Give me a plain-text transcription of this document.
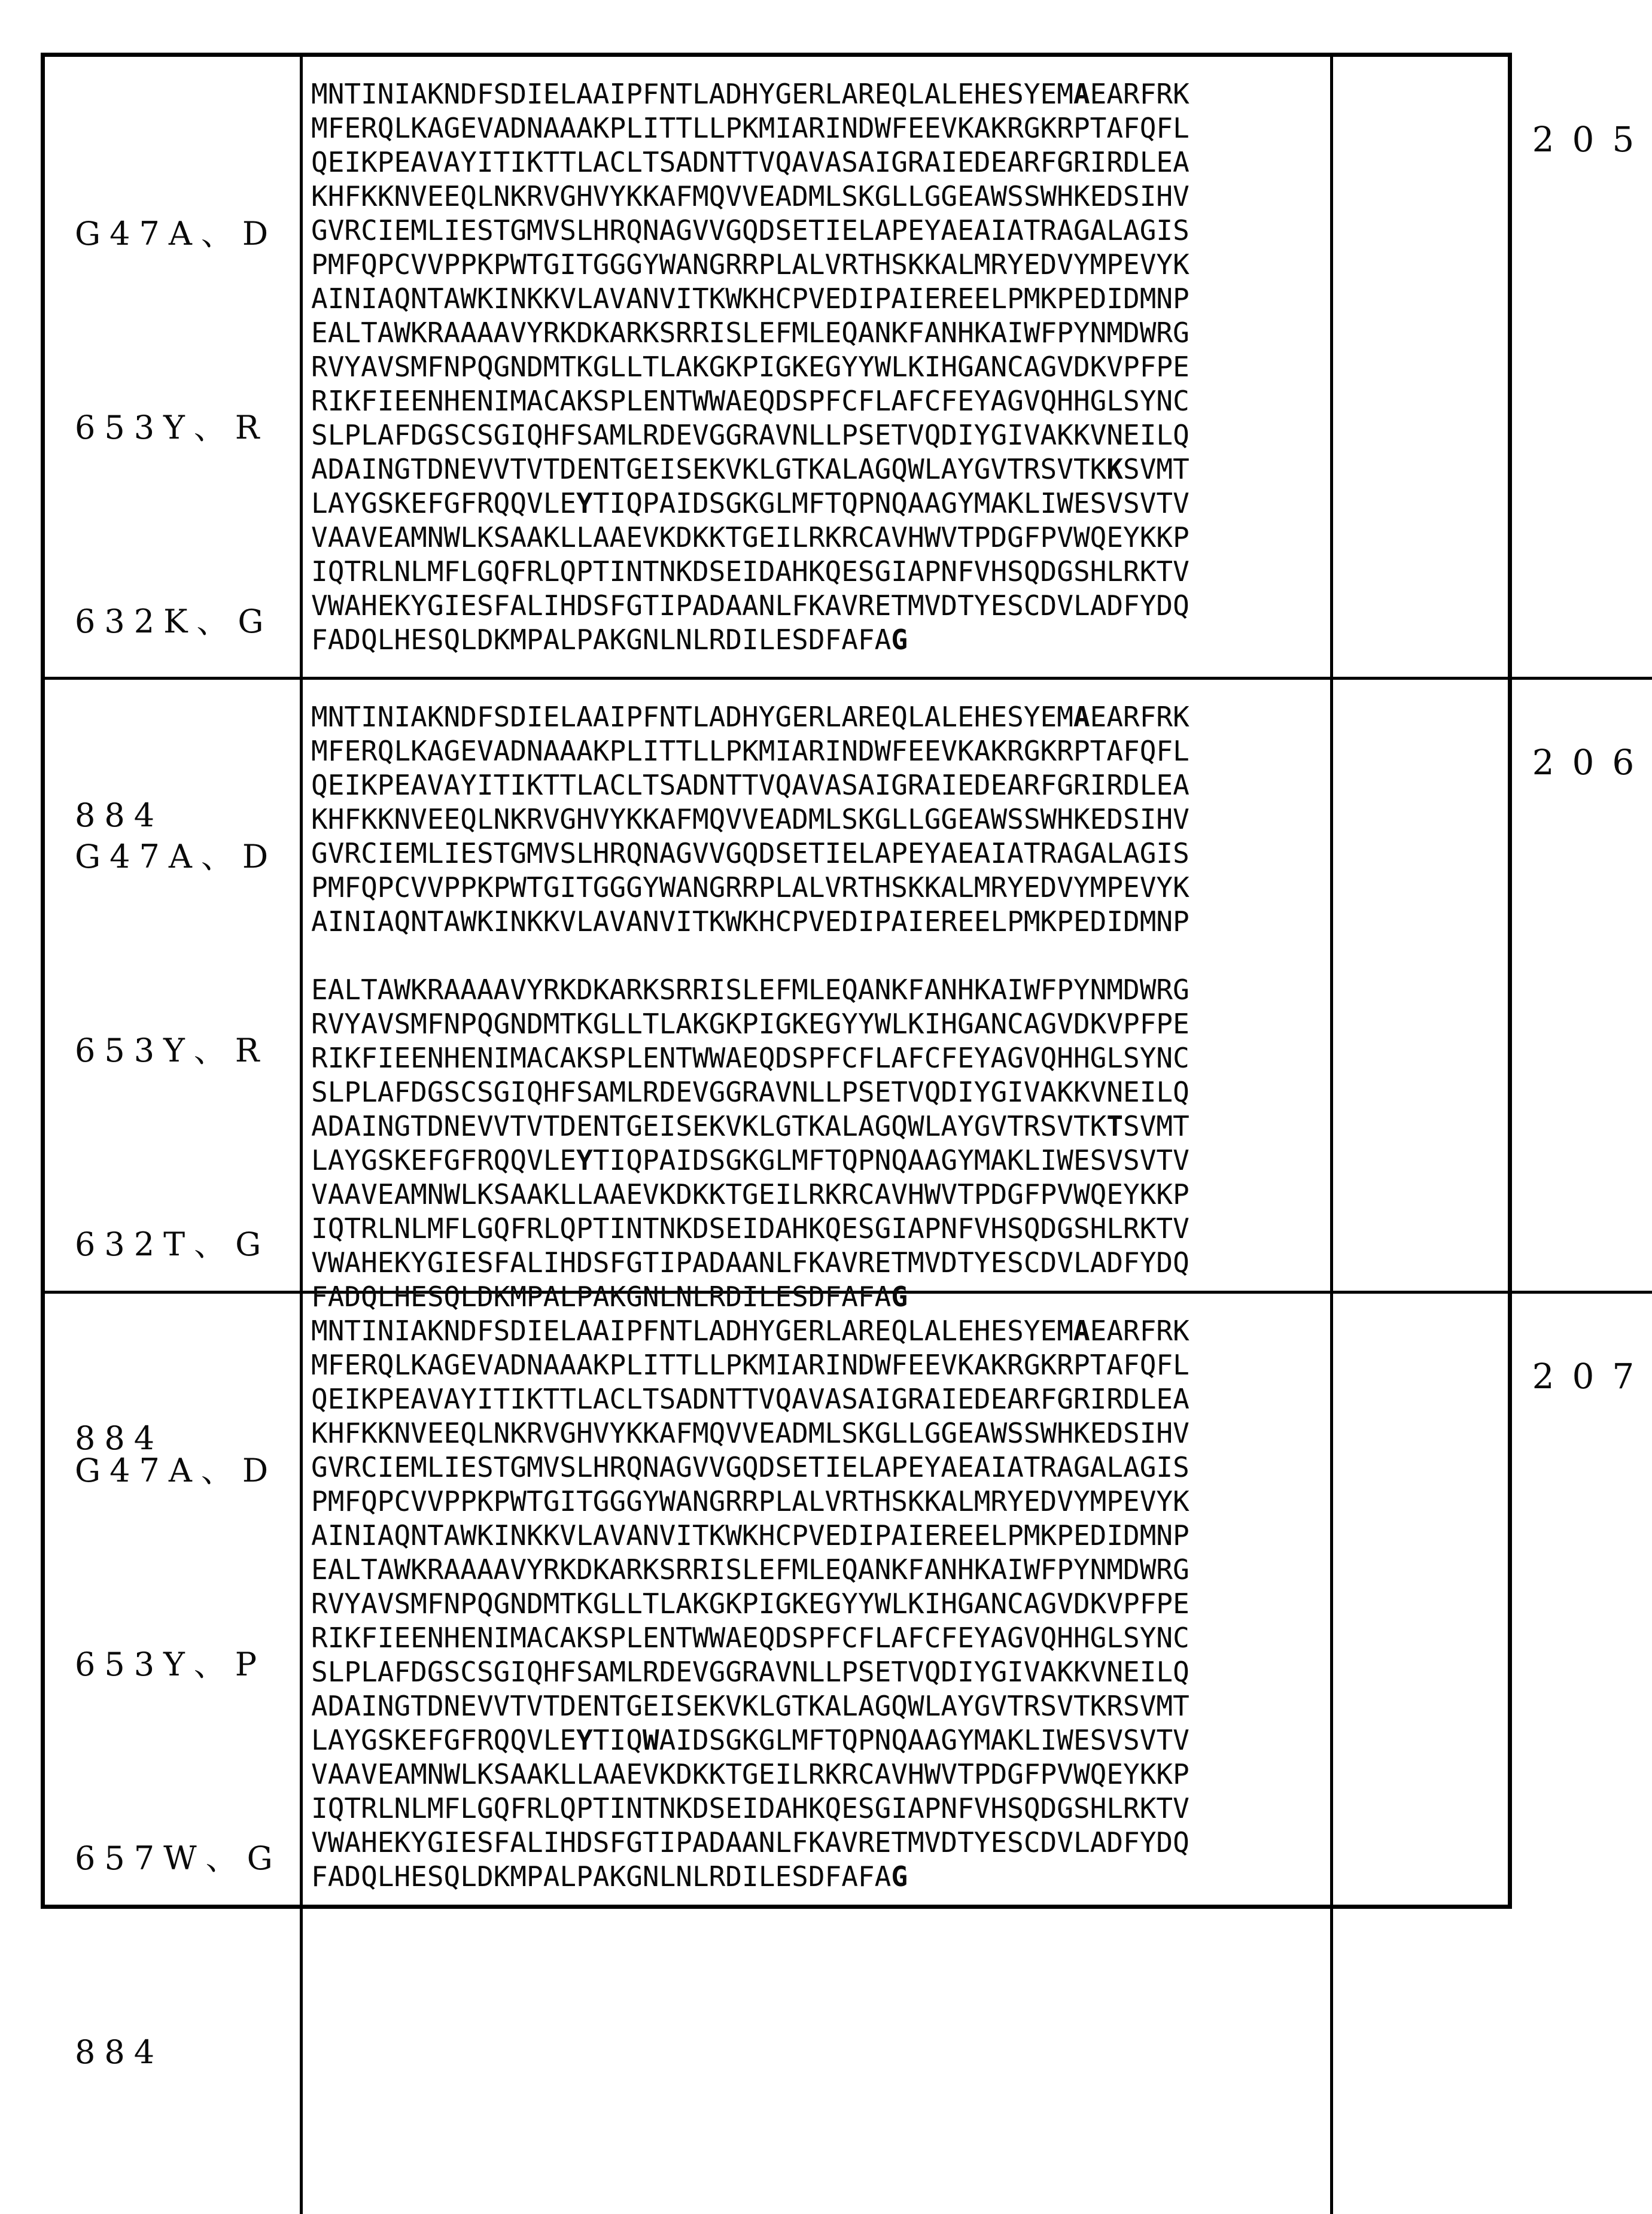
G47A、D

653Y、R

632K、G

884

MNTINIAKNDFSDIELAAIPFNTLADHYGERLAREQLALEHESYEMAEARFRK
MFERQLKAGEVADNAAAKPLITTLLPKMIARINDWFEEVKAKRGKRPTAFQFL
QEIKPEAVAYITIKTTLACLTSADNTTVQAVASAIGRAIEDEARFGRIRDLEA
KHFKKNVEEQLNKRVGHVYKKAFMQVVEADMLSKGLLGGEAWSSWHKEDSIHV
GVRCIEMLIESTGMVSLHRQNAGVVGQDSETIELAPEYAEAIATRAGALAGIS
PMFQPCVVPPKPWTGITGGGYWANGRRPLALVRTHSKKALMRYEDVYMPEVYK
AINIAQNTAWKINKKVLAVANVITKWKHCPVEDIPAIEREELPMKPEDIDMNP
EALTAWKRAAAAVYRKDKARKSRRISLEFMLEQANKFANHKAIWFPYNMDWRG
RVYAVSMFNPQGNDMTKGLLTLAKGKPIGKEGYYWLKIHGANCAGVDKVPFPE
RIKFIEENHENIMACAKSPLENTWWAEQDSPFCFLAFCFEYAGVQHHGLSYNC
SLPLAFDGSCSGIQHFSAMLRDEVGGRAVNLLPSETVQDIYGIVAKKVNEILQ
ADAINGTDNEVVTVTDENTGEISEKVKLGTKALAGQWLAYGVTRSVTKKSVMT
LAYGSKEFGFRQQVLEYTIQPAIDSGKGLMFTQPNQAAGYMAKLIWESVSVTV
VAAVEAMNWLKSAAKLLAAEVKDKKTGEILRKRCAVHWVTPDGFPVWQEYKKP
IQTRLNLMFLGQFRLQPTINTNKDSEIDAHKQESGIAPNFVHSQDGSHLRKTV
VWAHEKYGIESFALIHDSFGTIPADAANLFKAVRETMVDTYESCDVLADFYDQ
FADQLHESQLDKMPALPAKGNLNLRDILESDFAFAG

205

G47A、D

653Y、R

632T、G

884

MNTINIAKNDFSDIELAAIPFNTLADHYGERLAREQLALEHESYEMAEARFRK
MFERQLKAGEVADNAAAKPLITTLLPKMIARINDWFEEVKAKRGKRPTAFQFL
QEIKPEAVAYITIKTTLACLTSADNTTVQAVASAIGRAIEDEARFGRIRDLEA
KHFKKNVEEQLNKRVGHVYKKAFMQVVEADMLSKGLLGGEAWSSWHKEDSIHV
GVRCIEMLIESTGMVSLHRQNAGVVGQDSETIELAPEYAEAIATRAGALAGIS
PMFQPCVVPPKPWTGITGGGYWANGRRPLALVRTHSKKALMRYEDVYMPEVYK
AINIAQNTAWKINKKVLAVANVITKWKHCPVEDIPAIEREELPMKPEDIDMNP

EALTAWKRAAAAVYRKDKARKSRRISLEFMLEQANKFANHKAIWFPYNMDWRG
RVYAVSMFNPQGNDMTKGLLTLAKGKPIGKEGYYWLKIHGANCAGVDKVPFPE
RIKFIEENHENIMACAKSPLENTWWAEQDSPFCFLAFCFEYAGVQHHGLSYNC
SLPLAFDGSCSGIQHFSAMLRDEVGGRAVNLLPSETVQDIYGIVAKKVNEILQ
ADAINGTDNEVVTVTDENTGEISEKVKLGTKALAGQWLAYGVTRSVTKTSVMT
LAYGSKEFGFRQQVLEYTIQPAIDSGKGLMFTQPNQAAGYMAKLIWESVSVTV
VAAVEAMNWLKSAAKLLAAEVKDKKTGEILRKRCAVHWVTPDGFPVWQEYKKP
IQTRLNLMFLGQFRLQPTINTNKDSEIDAHKQESGIAPNFVHSQDGSHLRKTV
VWAHEKYGIESFALIHDSFGTIPADAANLFKAVRETMVDTYESCDVLADFYDQ
FADQLHESQLDKMPALPAKGNLNLRDILESDFAFAG

206

G47A、D

653Y、P

657W、G

884

MNTINIAKNDFSDIELAAIPFNTLADHYGERLAREQLALEHESYEMAEARFRK
MFERQLKAGEVADNAAAKPLITTLLPKMIARINDWFEEVKAKRGKRPTAFQFL
QEIKPEAVAYITIKTTLACLTSADNTTVQAVASAIGRAIEDEARFGRIRDLEA
KHFKKNVEEQLNKRVGHVYKKAFMQVVEADMLSKGLLGGEAWSSWHKEDSIHV
GVRCIEMLIESTGMVSLHRQNAGVVGQDSETIELAPEYAEAIATRAGALAGIS
PMFQPCVVPPKPWTGITGGGYWANGRRPLALVRTHSKKALMRYEDVYMPEVYK
AINIAQNTAWKINKKVLAVANVITKWKHCPVEDIPAIEREELPMKPEDIDMNP
EALTAWKRAAAAVYRKDKARKSRRISLEFMLEQANKFANHKAIWFPYNMDWRG
RVYAVSMFNPQGNDMTKGLLTLAKGKPIGKEGYYWLKIHGANCAGVDKVPFPE
RIKFIEENHENIMACAKSPLENTWWAEQDSPFCFLAFCFEYAGVQHHGLSYNC
SLPLAFDGSCSGIQHFSAMLRDEVGGRAVNLLPSETVQDIYGIVAKKVNEILQ
ADAINGTDNEVVTVTDENTGEISEKVKLGTKALAGQWLAYGVTRSVTKRSVMT
LAYGSKEFGFRQQVLEYTIQWAIDSGKGLMFTQPNQAAGYMAKLIWESVSVTV
VAAVEAMNWLKSAAKLLAAEVKDKKTGEILRKRCAVHWVTPDGFPVWQEYKKP
IQTRLNLMFLGQFRLQPTINTNKDSEIDAHKQESGIAPNFVHSQDGSHLRKTV
VWAHEKYGIESFALIHDSFGTIPADAANLFKAVRETMVDTYESCDVLADFYDQ
FADQLHESQLDKMPALPAKGNLNLRDILESDFAFAG

207
